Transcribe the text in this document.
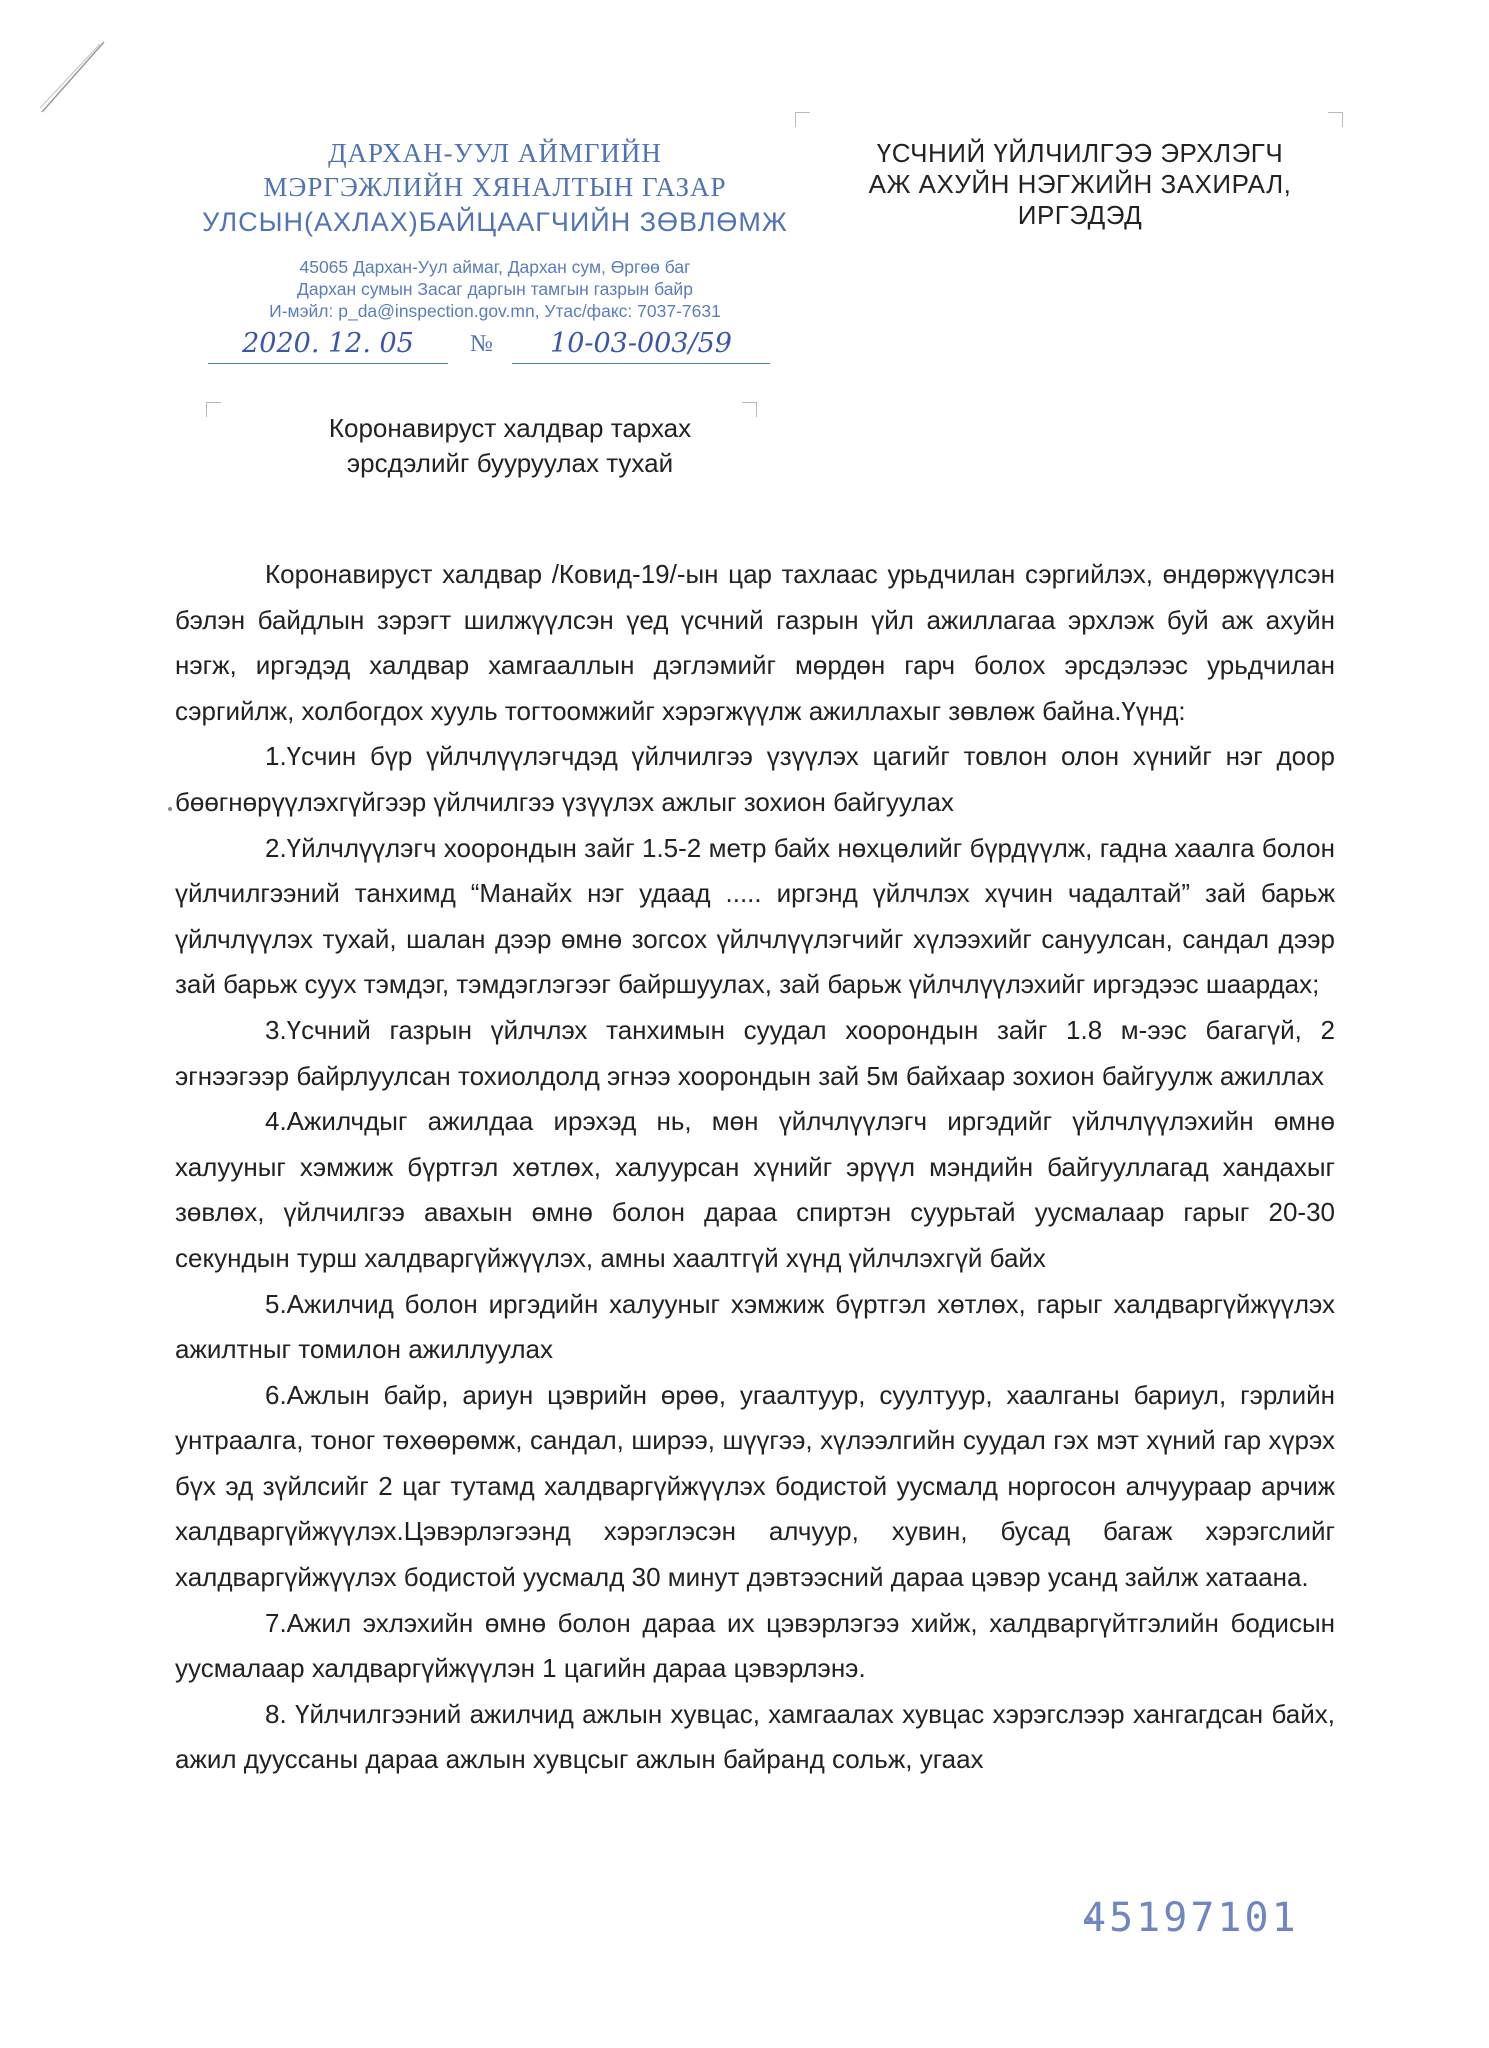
ДАРХАН-УУЛ АЙМГИЙН
МЭРГЭЖЛИЙН ХЯНАЛТЫН ГАЗАР
УЛСЫН(АХЛАХ)БАЙЦААГЧИЙН ЗӨВЛӨМЖ
45065 Дархан-Уул аймаг, Дархан сум, Өргөө баг
Дархан сумын Засаг даргын тамгын газрын байр
И-мэйл: p_da@inspection.gov.mn, Утас/факс: 7037-7631
2020. 12. 05	№	10-03-003/59
ҮСЧНИЙ ҮЙЛЧИЛГЭЭ ЭРХЛЭГЧ
АЖ АХУЙН НЭГЖИЙН ЗАХИРАЛ,
ИРГЭДЭД
Коронавируст халдвар тархах
эрсдэлийг бууруулах тухай

Коронавируст халдвар /Ковид-19/-ын цар тахлаас урьдчилан сэргийлэх, өндөржүүлсэн бэлэн байдлын зэрэгт шилжүүлсэн үед үсчний газрын үйл ажиллагаа эрхлэж буй аж ахуйн нэгж, иргэдэд халдвар хамгааллын дэглэмийг мөрдөн гарч болох эрсдэлээс урьдчилан сэргийлж, холбогдох хууль тогтоомжийг хэрэгжүүлж ажиллахыг зөвлөж байна.Үүнд:

1.Үсчин бүр үйлчлүүлэгчдэд үйлчилгээ үзүүлэх цагийг товлон олон хүнийг нэг доор бөөгнөрүүлэхгүйгээр үйлчилгээ үзүүлэх ажлыг зохион байгуулах

2.Үйлчлүүлэгч хоорондын зайг 1.5-2 метр байх нөхцөлийг бүрдүүлж, гадна хаалга болон үйлчилгээний танхимд “Манайх нэг удаад ..... иргэнд үйлчлэх хүчин чадалтай” зай барьж үйлчлүүлэх тухай, шалан дээр өмнө зогсох үйлчлүүлэгчийг хүлээхийг сануулсан, сандал дээр зай барьж суух тэмдэг, тэмдэглэгээг байршуулах, зай барьж үйлчлүүлэхийг иргэдээс шаардах;

3.Үсчний газрын үйлчлэх танхимын суудал хоорондын зайг 1.8 м-ээс багагүй, 2 эгнээгээр байрлуулсан тохиолдолд эгнээ хоорондын зай 5м байхаар зохион байгуулж ажиллах

4.Ажилчдыг ажилдаа ирэхэд нь, мөн үйлчлүүлэгч иргэдийг үйлчлүүлэхийн өмнө халууныг хэмжиж бүртгэл хөтлөх, халуурсан хүнийг эрүүл мэндийн байгууллагад хандахыг зөвлөх, үйлчилгээ авахын өмнө болон дараа спиртэн суурьтай уусмалаар гарыг 20-30 секундын турш халдваргүйжүүлэх, амны хаалтгүй хүнд үйлчлэхгүй байх

5.Ажилчид болон иргэдийн халууныг хэмжиж бүртгэл хөтлөх, гарыг халдваргүйжүүлэх ажилтныг томилон ажиллуулах

6.Ажлын байр, ариун цэврийн өрөө, угаалтуур, суултуур, хаалганы бариул, гэрлийн унтраалга, тоног төхөөрөмж, сандал, ширээ, шүүгээ, хүлээлгийн суудал гэх мэт хүний гар хүрэх бүх эд зүйлсийг 2 цаг тутамд халдваргүйжүүлэх бодистой уусмалд норгосон алчуураар арчиж халдваргүйжүүлэх.Цэвэрлэгээнд хэрэглэсэн алчуур, хувин, бусад багаж хэрэгслийг халдваргүйжүүлэх бодистой уусмалд 30 минут дэвтээсний дараа цэвэр усанд зайлж хатаана.

7.Ажил эхлэхийн өмнө болон дараа их цэвэрлэгээ хийж, халдваргүйтгэлийн бодисын уусмалаар халдваргүйжүүлэн 1 цагийн дараа цэвэрлэнэ.

8. Үйлчилгээний ажилчид ажлын хувцас, хамгаалах хувцас хэрэгслээр хангагдсан байх, ажил дууссаны дараа ажлын хувцсыг ажлын байранд сольж, угаах

45197101
